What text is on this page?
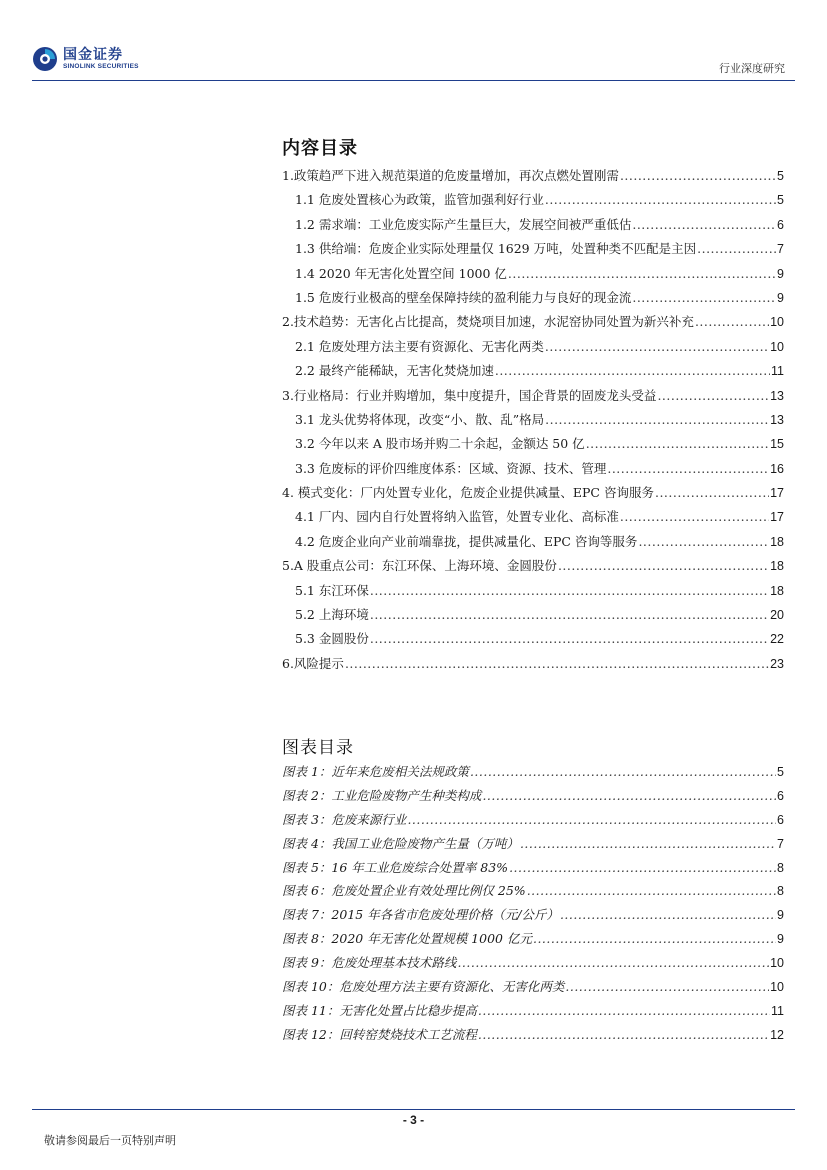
国金证券
SINOLINK SECURITIES	行业深度研究
内容目录
1.政策趋严下进入规范渠道的危废量增加，再次点燃处置刚需 .....	5
1.1 危废处置核心为政策，监管加强利好行业 .....	5
1.2 需求端：工业危废实际产生量巨大，发展空间被严重低估 .....	6
1.3 供给端：危废企业实际处理量仅 1629 万吨，处置种类不匹配是主因 .....	7
1.4 2020 年无害化处置空间 1000 亿 .....	9
1.5 危废行业极高的壁垒保障持续的盈利能力与良好的现金流 .....	9
2.技术趋势：无害化占比提高，焚烧项目加速，水泥窑协同处置为新兴补充 .....	10
2.1 危废处理方法主要有资源化、无害化两类 .....	10
2.2 最终产能稀缺，无害化焚烧加速 .....	11
3.行业格局：行业并购增加，集中度提升，国企背景的固废龙头受益 .....	13
3.1 龙头优势将体现，改变“小、散、乱”格局 .....	13
3.2 今年以来 A 股市场并购二十余起，金额达 50 亿 .....	15
3.3 危废标的评价四维度体系：区域、资源、技术、管理 .....	16
4. 模式变化：厂内处置专业化，危废企业提供减量、EPC 咨询服务 .....	17
4.1 厂内、园内自行处置将纳入监管，处置专业化、高标准 .....	17
4.2 危废企业向产业前端靠拢，提供减量化、EPC 咨询等服务 .....	18
5.A 股重点公司：东江环保、上海环境、金圆股份 .....	18
5.1 东江环保 .....	18
5.2 上海环境 .....	20
5.3 金圆股份 .....	22
6.风险提示 .....	23
图表目录
图表 1：近年来危废相关法规政策 .....	5
图表 2：工业危险废物产生种类构成 .....	6
图表 3：危废来源行业 .....	6
图表 4：我国工业危险废物产生量（万吨） .....	7
图表 5：16 年工业危废综合处置率 83% .....	8
图表 6：危废处置企业有效处理比例仅 25% .....	8
图表 7：2015 年各省市危废处理价格（元/公斤） .....	9
图表 8：2020 年无害化处置规模 1000 亿元 .....	9
图表 9：危废处理基本技术路线 .....	10
图表 10：危废处理方法主要有资源化、无害化两类 .....	10
图表 11：无害化处置占比稳步提高 .....	11
图表 12：回转窑焚烧技术工艺流程 .....	12
- 3 -
敬请参阅最后一页特别声明
